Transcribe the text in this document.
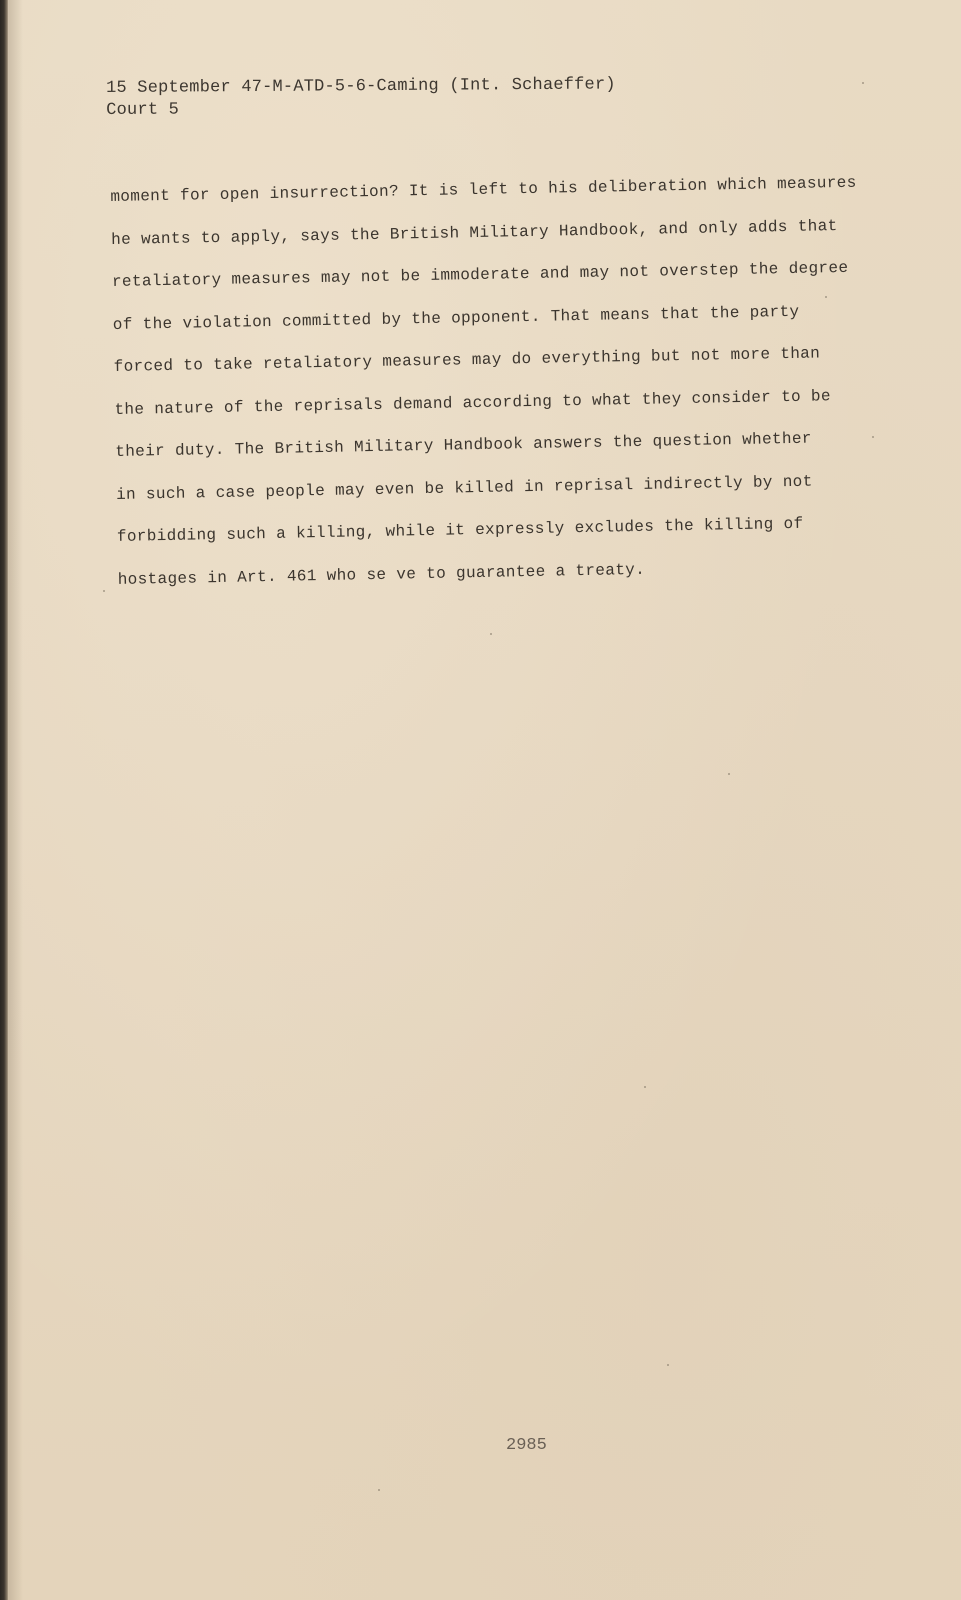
15 September 47-M-ATD-5-6-Caming (Int. Schaeffer)
Court 5
moment for open insurrection? It is left to his deliberation which measures
he wants to apply, says the British Military Handbook, and only adds that
retaliatory measures may not be immoderate and may not overstep the degree
of the violation committed by the opponent. That means that the party
forced to take retaliatory measures may do everything but not more than
the nature of the reprisals demand according to what they consider to be
their duty. The British Military Handbook answers the question whether
in such a case people may even be killed in reprisal indirectly by not
forbidding such a killing, while it expressly excludes the killing of
hostages in Art. 461 who se ve to guarantee a treaty.
2985
